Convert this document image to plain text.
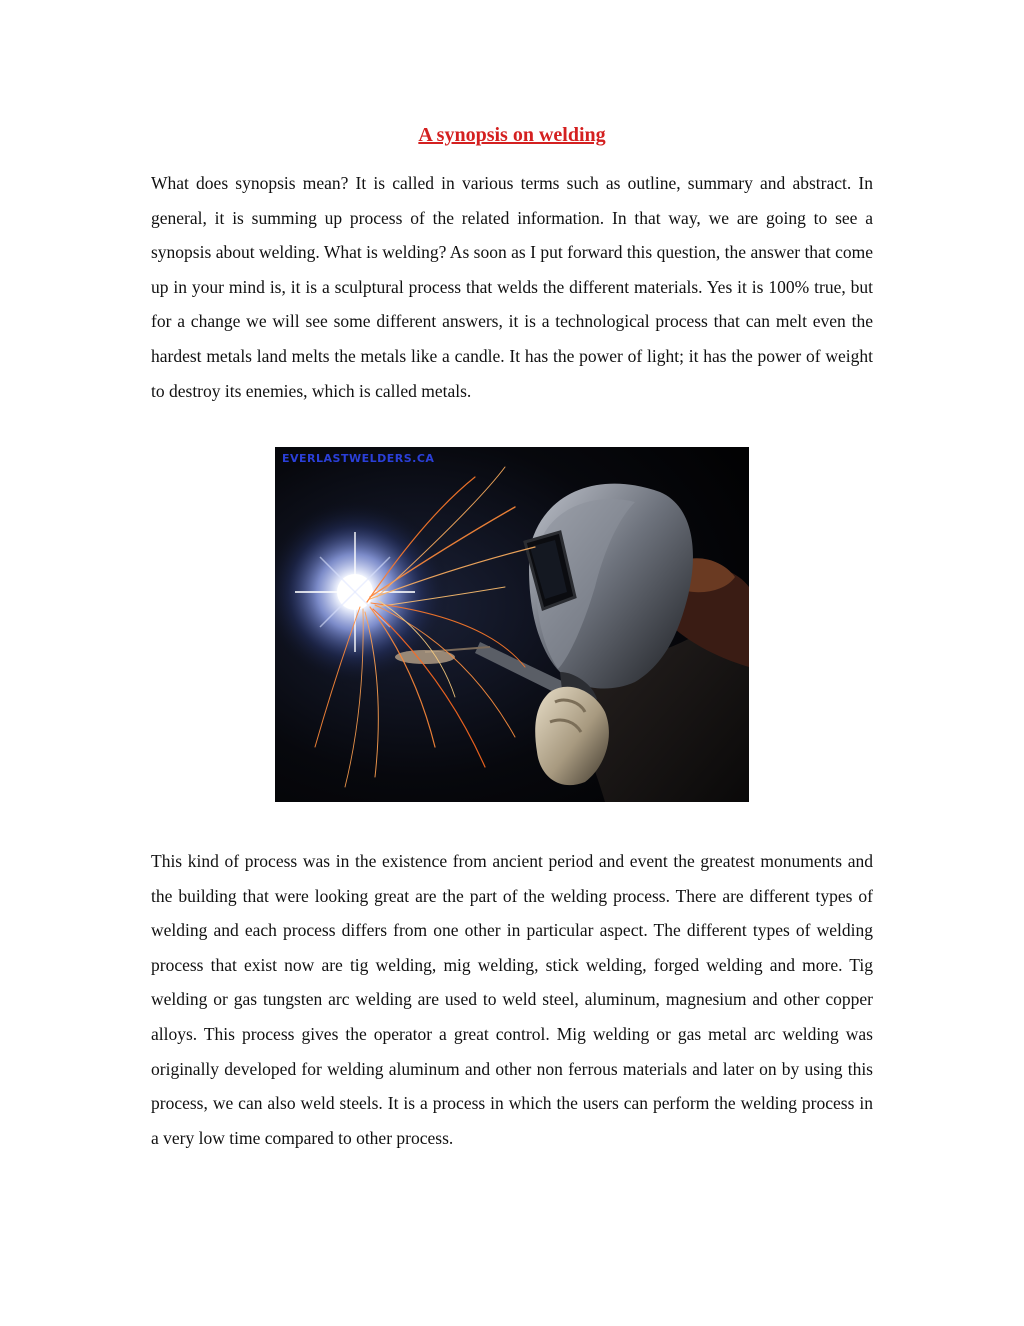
A synopsis on welding

What does synopsis mean? It is called in various terms such as outline, summary and abstract. In general, it is summing up process of the related information. In that way, we are going to see a synopsis about welding. What is welding? As soon as I put forward this question, the answer that come up in your mind is, it is a sculptural process that welds the different materials. Yes it is 100% true, but for a change we will see some different answers, it is a technological process that can melt even the hardest metals land melts the metals like a candle. It has the power of light; it has the power of weight to destroy its enemies, which is called metals.

EVERLASTWELDERS.CA

This kind of process was in the existence from ancient period and event the greatest monuments and the building that were looking great are the part of the welding process. There are different types of welding and each process differs from one other in particular aspect. The different types of welding process that exist now are tig welding, mig welding, stick welding, forged welding and more. Tig welding or gas tungsten arc welding are used to weld steel, aluminum, magnesium and other copper alloys. This process gives the operator a great control. Mig welding or gas metal arc welding was originally developed for welding aluminum and other non ferrous materials and later on by using this process, we can also weld steels. It is a process in which the users can perform the welding process in a very low time compared to other process.
